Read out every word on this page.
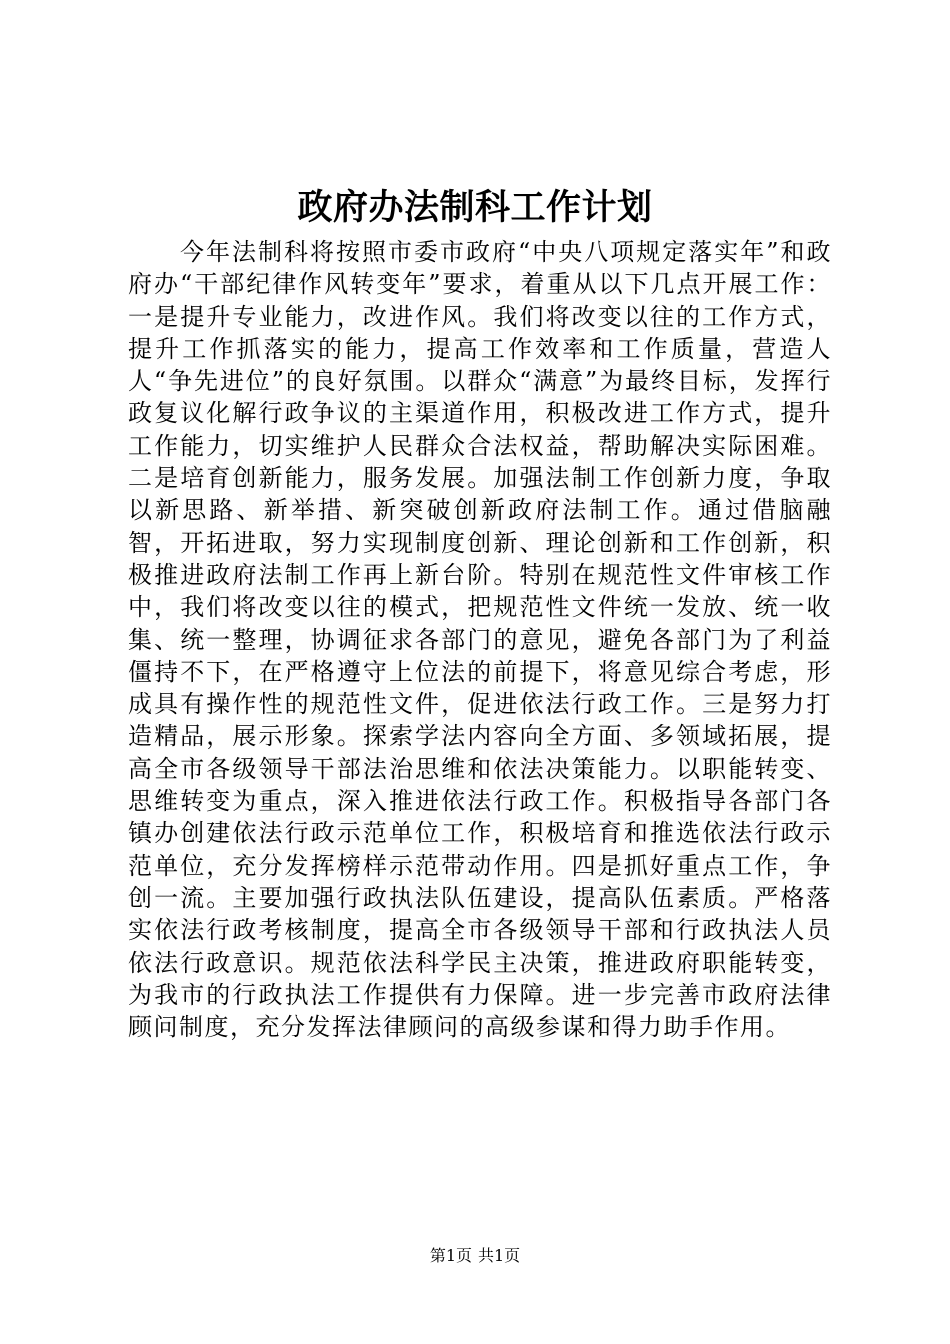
政府办法制科工作计划

今年法制科将按照市委市政府“中央八项规定落实年”和政府办“干部纪律作风转变年”要求，着重从以下几点开展工作：一是提升专业能力，改进作风。我们将改变以往的工作方式，提升工作抓落实的能力，提高工作效率和工作质量，营造人人“争先进位”的良好氛围。以群众“满意”为最终目标，发挥行政复议化解行政争议的主渠道作用，积极改进工作方式，提升工作能力，切实维护人民群众合法权益，帮助解决实际困难。二是培育创新能力，服务发展。加强法制工作创新力度，争取以新思路、新举措、新突破创新政府法制工作。通过借脑融智，开拓进取，努力实现制度创新、理论创新和工作创新，积极推进政府法制工作再上新台阶。特别在规范性文件审核工作中，我们将改变以往的模式，把规范性文件统一发放、统一收集、统一整理，协调征求各部门的意见，避免各部门为了利益僵持不下，在严格遵守上位法的前提下，将意见综合考虑，形成具有操作性的规范性文件，促进依法行政工作。三是努力打造精品，展示形象。探索学法内容向全方面、多领域拓展，提高全市各级领导干部法治思维和依法决策能力。以职能转变、思维转变为重点，深入推进依法行政工作。积极指导各部门各镇办创建依法行政示范单位工作，积极培育和推选依法行政示范单位，充分发挥榜样示范带动作用。四是抓好重点工作，争创一流。主要加强行政执法队伍建设，提高队伍素质。严格落实依法行政考核制度，提高全市各级领导干部和行政执法人员依法行政意识。规范依法科学民主决策，推进政府职能转变，为我市的行政执法工作提供有力保障。进一步完善市政府法律顾问制度，充分发挥法律顾问的高级参谋和得力助手作用。

第1页 共1页
